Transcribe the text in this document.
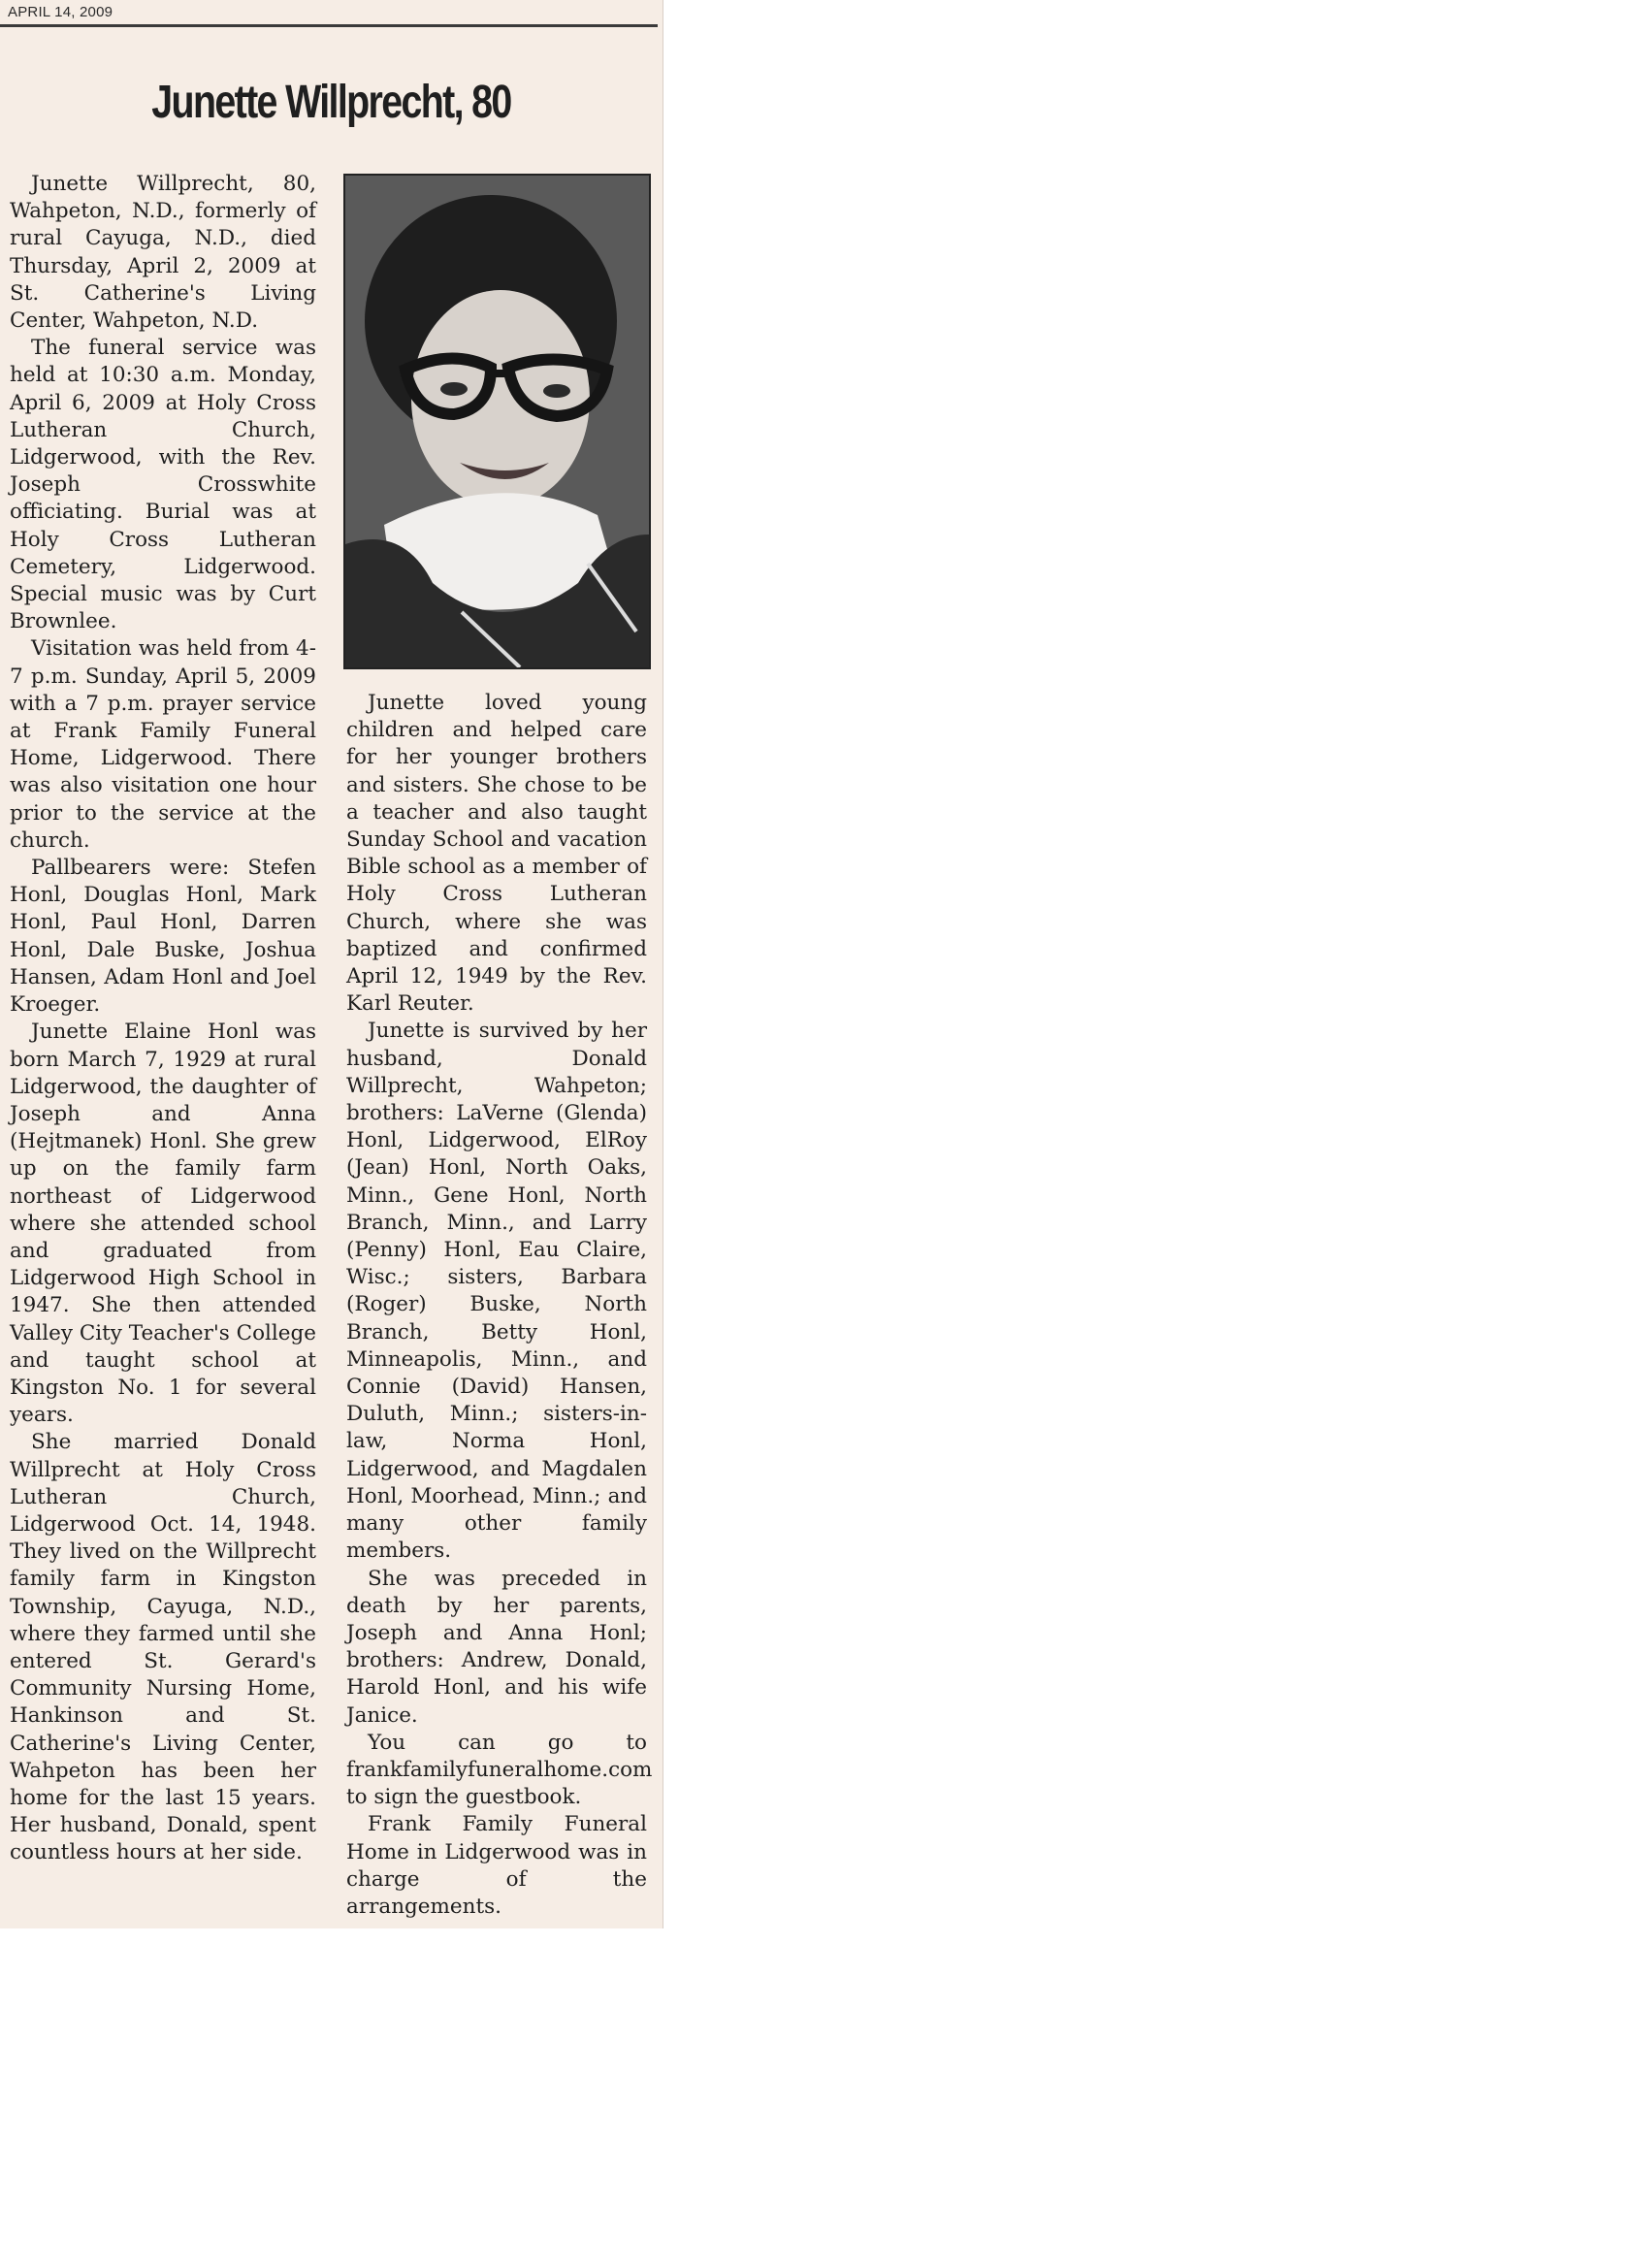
APRIL 14, 2009
Junette Willprecht, 80

Junette Willprecht, 80, Wahpeton, N.D., formerly of rural Cayuga, N.D., died Thursday, April 2, 2009 at St. Catherine's Living Center, Wahpeton, N.D.

The funeral service was held at 10:30 a.m. Monday, April 6, 2009 at Holy Cross Lutheran Church, Lidgerwood, with the Rev. Joseph Crosswhite officiating. Burial was at Holy Cross Lutheran Cemetery, Lidgerwood. Special music was by Curt Brownlee.

Visitation was held from 4-7 p.m. Sunday, April 5, 2009 with a 7 p.m. prayer service at Frank Family Funeral Home, Lidgerwood. There was also visitation one hour prior to the service at the church.

Pallbearers were: Stefen Honl, Douglas Honl, Mark Honl, Paul Honl, Darren Honl, Dale Buske, Joshua Hansen, Adam Honl and Joel Kroeger.

Junette Elaine Honl was born March 7, 1929 at rural Lidgerwood, the daughter of Joseph and Anna (Hejtmanek) Honl. She grew up on the family farm northeast of Lidgerwood where she attended school and graduated from Lidgerwood High School in 1947. She then attended Valley City Teacher's College and taught school at Kingston No. 1 for several years.

She married Donald Willprecht at Holy Cross Lutheran Church, Lidgerwood Oct. 14, 1948. They lived on the Willprecht family farm in Kingston Township, Cayuga, N.D., where they farmed until she entered St. Gerard's Community Nursing Home, Hankinson and St. Catherine's Living Center, Wahpeton has been her home for the last 15 years. Her husband, Donald, spent countless hours at her side.

Junette loved young children and helped care for her younger brothers and sisters. She chose to be a teacher and also taught Sunday School and vacation Bible school as a member of Holy Cross Lutheran Church, where she was baptized and confirmed April 12, 1949 by the Rev. Karl Reuter.

Junette is survived by her husband, Donald Willprecht, Wahpeton; brothers: LaVerne (Glenda) Honl, Lidgerwood, ElRoy (Jean) Honl, North Oaks, Minn., Gene Honl, North Branch, Minn., and Larry (Penny) Honl, Eau Claire, Wisc.; sisters, Barbara (Roger) Buske, North Branch, Betty Honl, Minneapolis, Minn., and Connie (David) Hansen, Duluth, Minn.; sisters-in-law, Norma Honl, Lidgerwood, and Magdalen Honl, Moorhead, Minn.; and many other family members.

She was preceded in death by her parents, Joseph and Anna Honl; brothers: Andrew, Donald, Harold Honl, and his wife Janice.

You can go to frankfamilyfuneralhome.com to sign the guestbook.

Frank Family Funeral Home in Lidgerwood was in charge of the arrangements.
